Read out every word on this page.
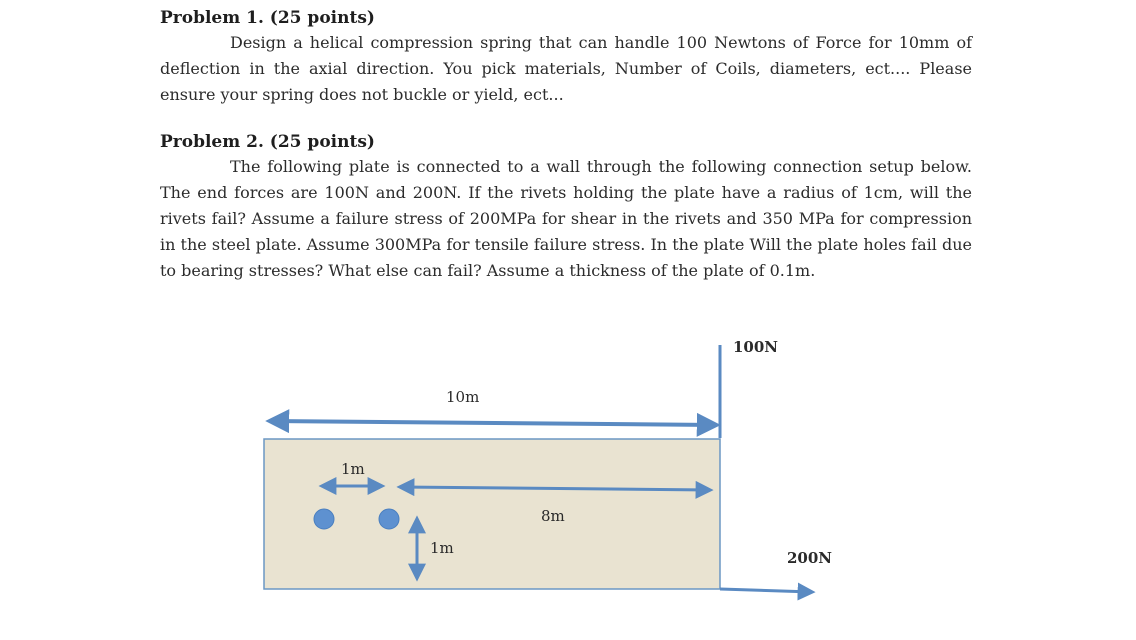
Problem 1. (25 points)

Design a helical compression spring that can handle 100 Newtons of Force for 10mm of deflection in the axial direction. You pick materials, Number of Coils, diameters, ect.... Please ensure your spring does not buckle or yield, ect...

Problem 2. (25 points)

The following plate is connected to a wall through the following connection setup below. The end forces are 100N and 200N. If the rivets holding the plate have a radius of 1cm, will the rivets fail? Assume a failure stress of 200MPa for shear in the rivets and 350 MPa for compression in the steel plate. Assume 300MPa for tensile failure stress. In the plate Will the plate holes fail due to bearing stresses? What else can fail? Assume a thickness of the plate of 0.1m.

10m
100N
200N
1m
8m
1m
